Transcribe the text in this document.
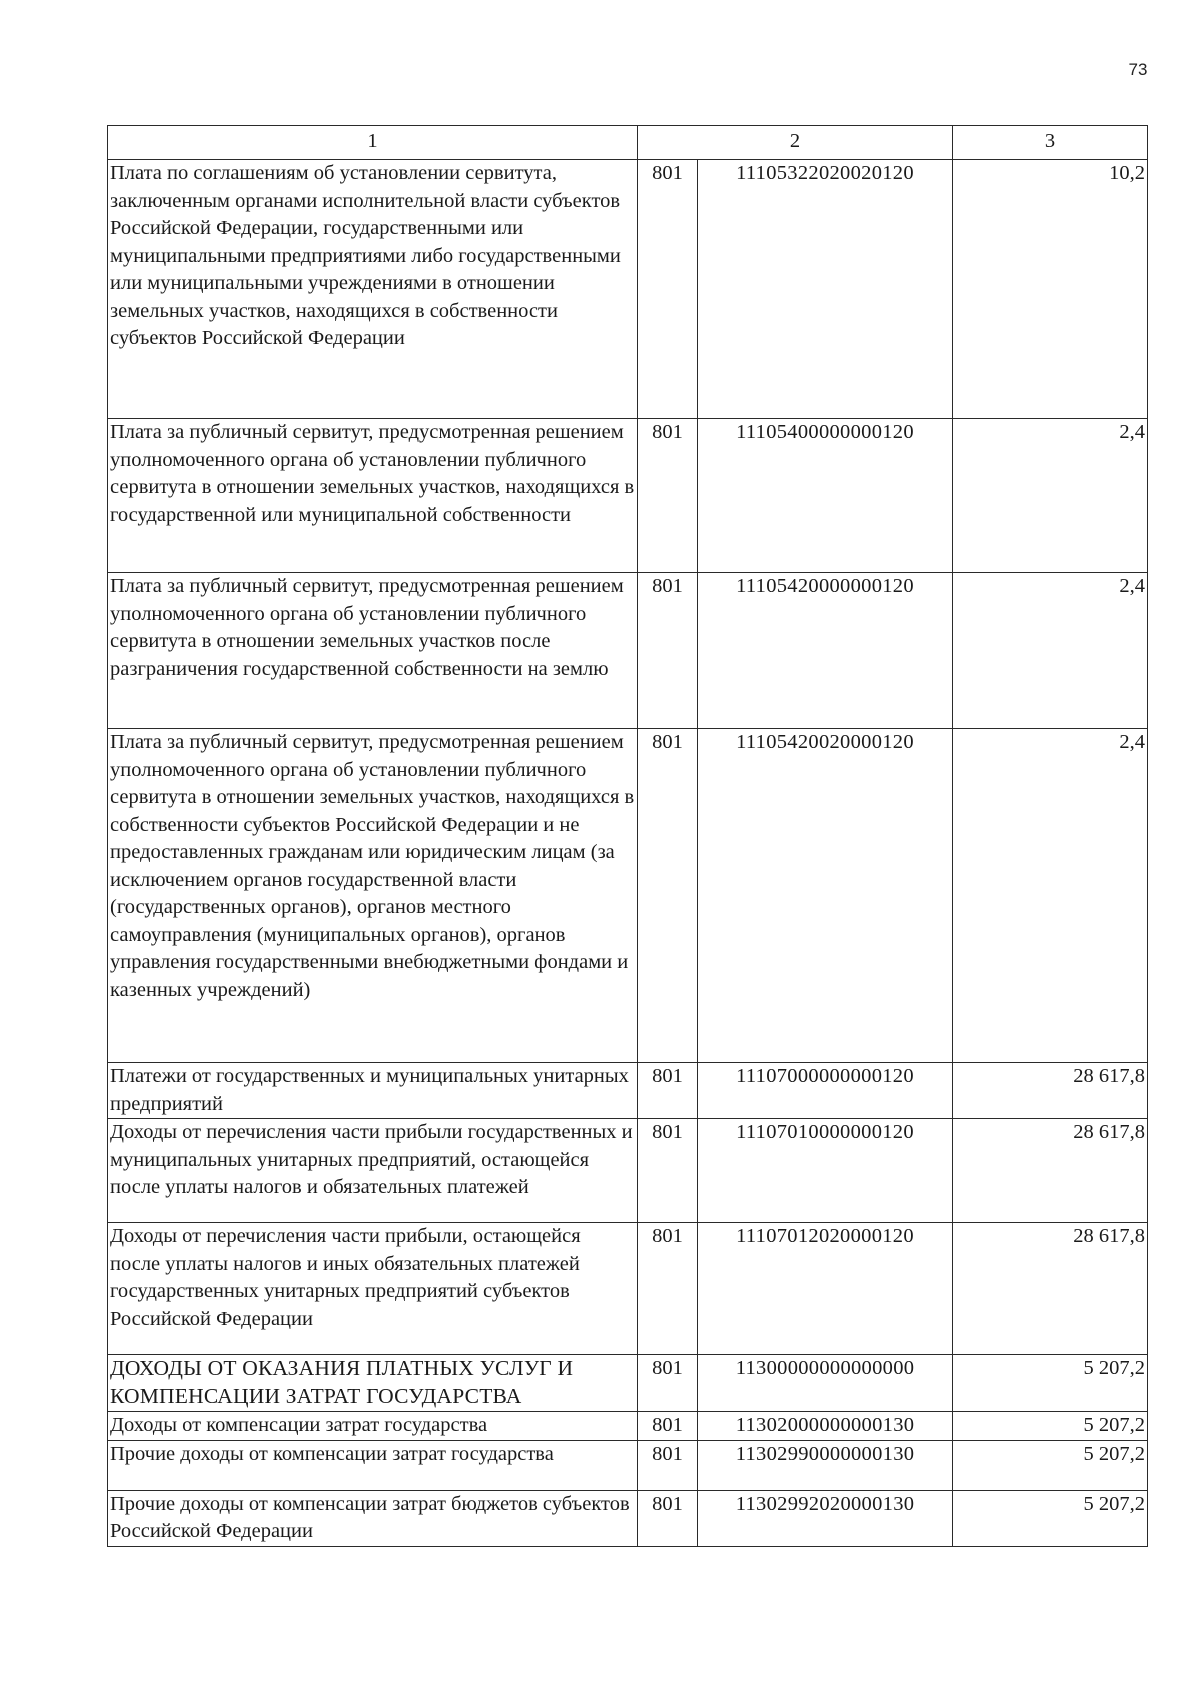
73
1	2		3
Плата по соглашениям об установлении сервитута, заключенным органами исполнительной власти субъектов Российской Федерации, государственными или муниципальными предприятиями либо государственными или муниципальными учреждениями в отношении земельных участков, находящихся в собственности субъектов Российской Федерации	801	11105322020020120	10,2
Плата за публичный сервитут, предусмотренная решением уполномоченного органа об установлении публичного сервитута в отношении земельных участков, находящихся в государственной или муниципальной собственности	801	11105400000000120	2,4
Плата за публичный сервитут, предусмотренная решением уполномоченного органа об установлении публичного сервитута в отношении земельных участков после разграничения государственной собственности на землю	801	11105420000000120	2,4
Плата за публичный сервитут, предусмотренная решением уполномоченного органа об установлении публичного сервитута в отношении земельных участков, находящихся в собственности субъектов Российской Федерации и не предоставленных гражданам или юридическим лицам (за исключением органов государственной власти (государственных органов), органов местного самоуправления (муниципальных органов), органов управления государственными внебюджетными фондами и казенных учреждений)	801	11105420020000120	2,4
Платежи от государственных и муниципальных унитарных предприятий	801	11107000000000120	28 617,8
Доходы от перечисления части прибыли государственных и муниципальных унитарных предприятий, остающейся после уплаты налогов и обязательных платежей	801	11107010000000120	28 617,8
Доходы от перечисления части прибыли, остающейся после уплаты налогов и иных обязательных платежей государственных унитарных предприятий субъектов Российской Федерации	801	11107012020000120	28 617,8
ДОХОДЫ ОТ ОКАЗАНИЯ ПЛАТНЫХ УСЛУГ И КОМПЕНСАЦИИ ЗАТРАТ ГОСУДАРСТВА	801	11300000000000000	5 207,2
Доходы от компенсации затрат государства	801	11302000000000130	5 207,2
Прочие доходы от компенсации затрат государства	801	11302990000000130	5 207,2
Прочие доходы от компенсации затрат бюджетов субъектов Российской Федерации	801	11302992020000130	5 207,2
